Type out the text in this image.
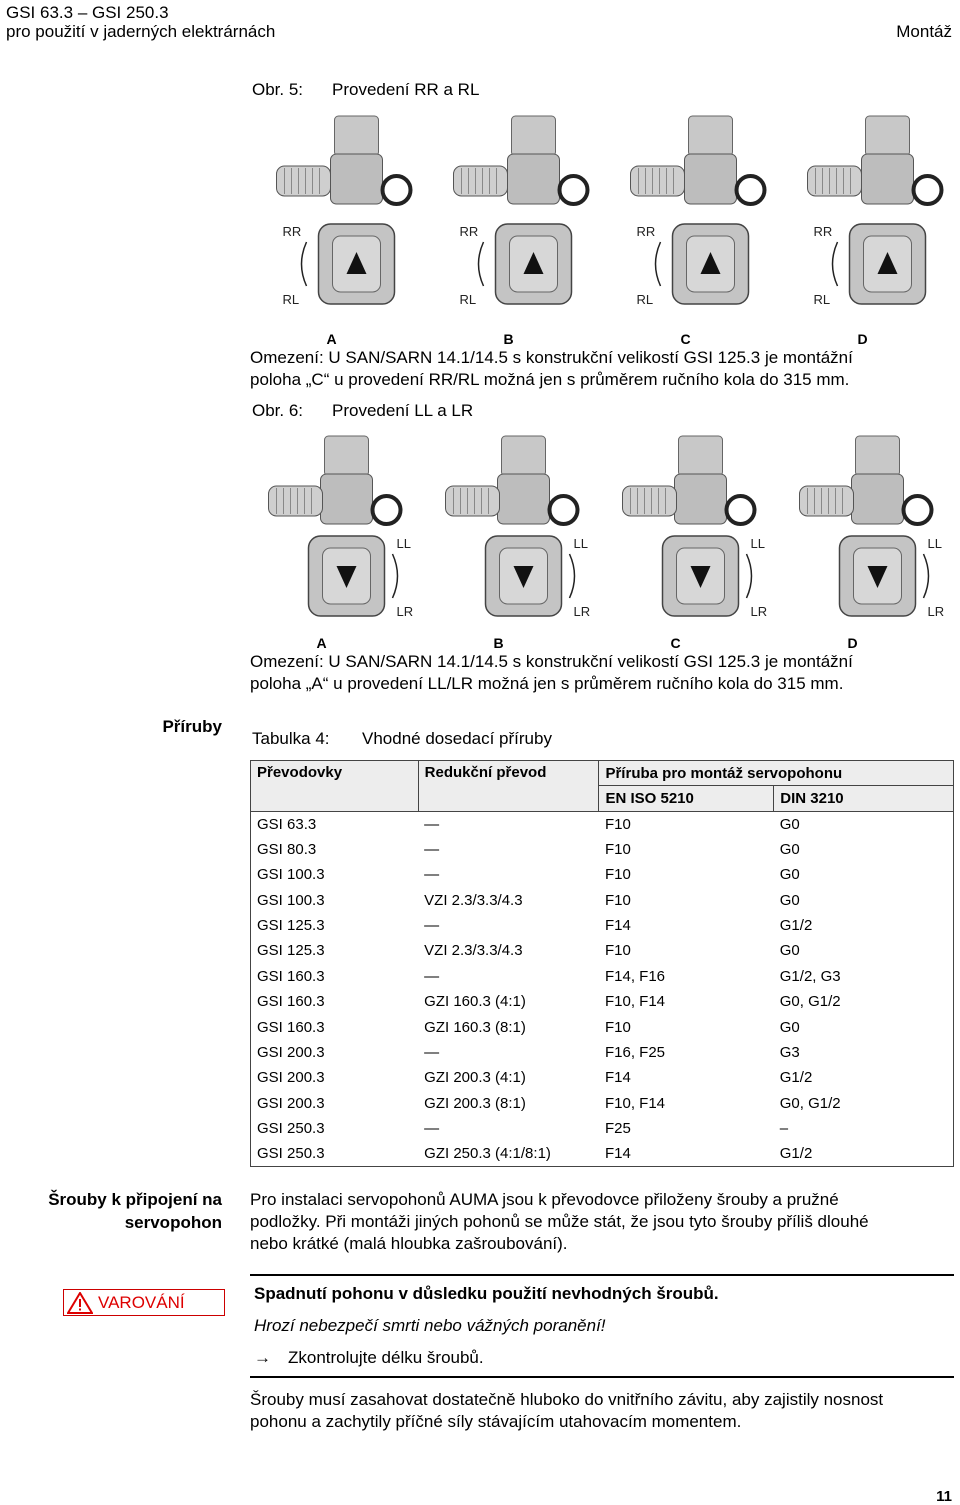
GSI 63.3 – GSI 250.3
pro použití v jaderných elektrárnách	Montáž
Obr. 5: Provedení RR a RL
RR
RL
A
RR
RL
B
RR
RL
C
RR
RL
D
Omezení: U SAN/SARN 14.1/14.5 s konstrukční velikostí GSI 125.3 je montážní
poloha „C“ u provedení RR/RL možná jen s průměrem ručního kola do 315 mm.
Obr. 6: Provedení LL a LR
LL
LR
A
LL
LR
B
LL
LR
C
LL
LR
D
Omezení: U SAN/SARN 14.1/14.5 s konstrukční velikostí GSI 125.3 je montážní
poloha „A“ u provedení LL/LR možná jen s průměrem ručního kola do 315 mm.
Příruby
Tabulka 4: Vhodné dosedací příruby
Převodovky	Redukční převod	Příruba pro montáž servopohonu	
		EN ISO 5210	DIN 3210
GSI 63.3	—	F10	G0
GSI 80.3	—	F10	G0
GSI 100.3	—	F10	G0
GSI 100.3	VZI 2.3/3.3/4.3	F10	G0
GSI 125.3	—	F14	G1/2
GSI 125.3	VZI 2.3/3.3/4.3	F10	G0
GSI 160.3	—	F14, F16	G1/2, G3
GSI 160.3	GZI 160.3 (4:1)	F10, F14	G0, G1/2
GSI 160.3	GZI 160.3 (8:1)	F10	G0
GSI 200.3	—	F16, F25	G3
GSI 200.3	GZI 200.3 (4:1)	F14	G1/2
GSI 200.3	GZI 200.3 (8:1)	F10, F14	G0, G1/2
GSI 250.3	—	F25	–
GSI 250.3	GZI 250.3 (4:1/8:1)	F14	G1/2
Šrouby k připojení na
servopohon
Pro instalaci servopohonů AUMA jsou k převodovce přiloženy šrouby a pružné
podložky. Při montáži jiných pohonů se může stát, že jsou tyto šrouby příliš dlouhé
nebo krátké (malá hloubka zašroubování).
VAROVÁNÍ	Spadnutí pohonu v důsledku použití nevhodných šroubů.
Hrozí nebezpečí smrti nebo vážných poranění!
→ Zkontrolujte délku šroubů.
Šrouby musí zasahovat dostatečně hluboko do vnitřního závitu, aby zajistily nosnost
pohonu a zachytily příčné síly stávajícím utahovacím momentem.
11
